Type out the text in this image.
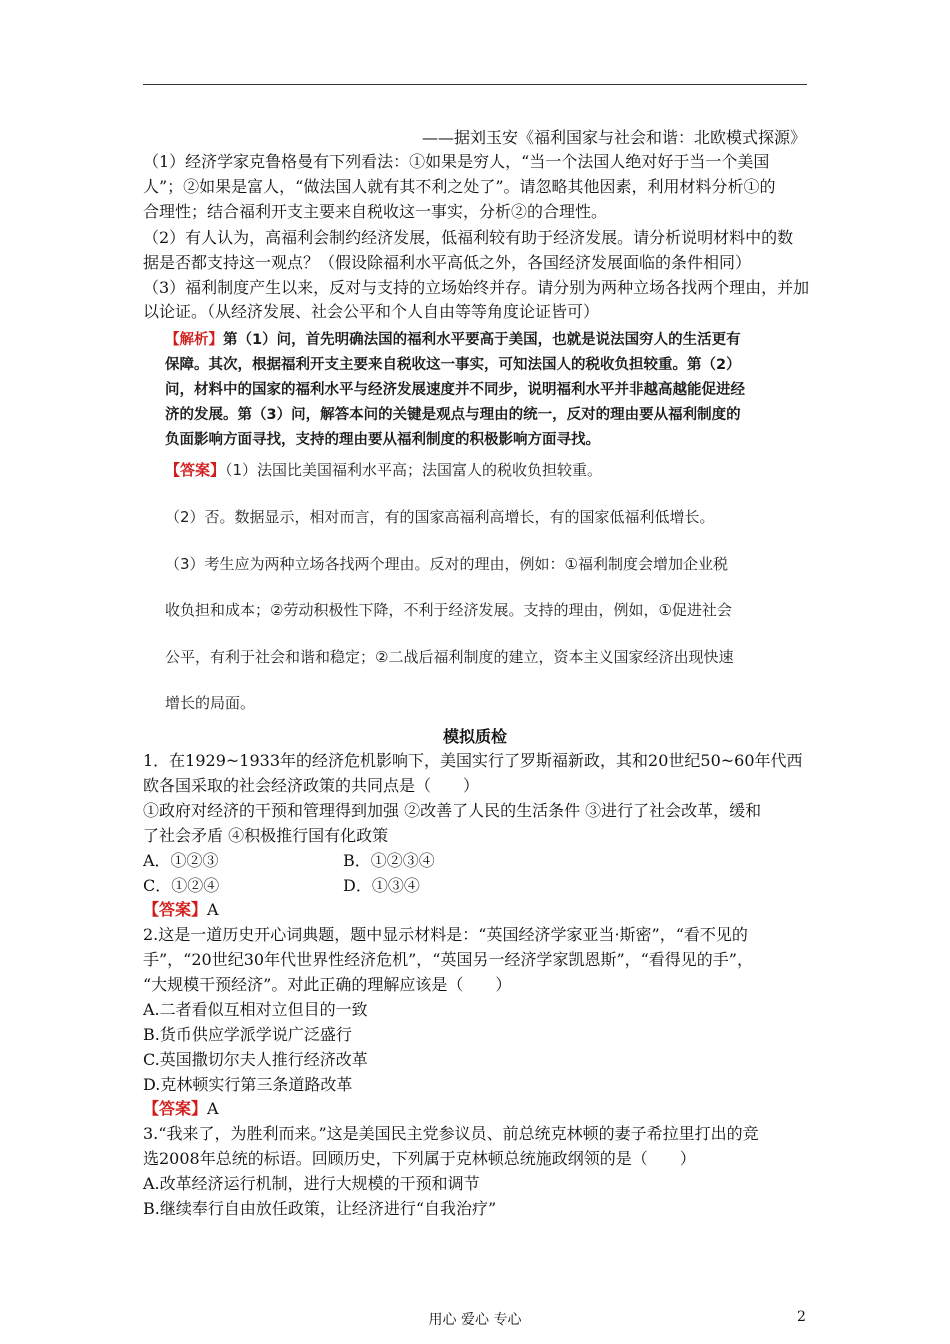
——据刘玉安《福利国家与社会和谐：北欧模式探源》
（1）经济学家克鲁格曼有下列看法：①如果是穷人，“当一个法国人绝对好于当一个美国
人”；②如果是富人，“做法国人就有其不利之处了”。请忽略其他因素，利用材料分析①的
合理性；结合福利开支主要来自税收这一事实，分析②的合理性。
（2）有人认为，高福利会制约经济发展，低福利较有助于经济发展。请分析说明材料中的数
据是否都支持这一观点？（假设除福利水平高低之外，各国经济发展面临的条件相同）
（3）福利制度产生以来，反对与支持的立场始终并存。请分别为两种立场各找两个理由，并加
以论证。（从经济发展、社会公平和个人自由等等角度论证皆可）
【解析】第（1）问，首先明确法国的福利水平要高于美国，也就是说法国穷人的生活更有
保障。其次，根据福利开支主要来自税收这一事实，可知法国人的税收负担较重。第（2）
问，材料中的国家的福利水平与经济发展速度并不同步，说明福利水平并非越高越能促进经
济的发展。第（3）问，解答本问的关键是观点与理由的统一，反对的理由要从福利制度的
负面影响方面寻找，支持的理由要从福利制度的积极影响方面寻找。
【答案】（1）法国比美国福利水平高；法国富人的税收负担较重。
（2）否。数据显示，相对而言，有的国家高福利高增长，有的国家低福利低增长。
（3）考生应为两种立场各找两个理由。反对的理由，例如：①福利制度会增加企业税
收负担和成本；②劳动积极性下降，不利于经济发展。支持的理由，例如，①促进社会
公平，有利于社会和谐和稳定；②二战后福利制度的建立，资本主义国家经济出现快速
增长的局面。
模拟质检
1．在1929~1933年的经济危机影响下，美国实行了罗斯福新政，其和20世纪50~60年代西
欧各国采取的社会经济政策的共同点是（　　）
①政府对经济的干预和管理得到加强 ②改善了人民的生活条件 ③进行了社会改革，缓和
了社会矛盾 ④积极推行国有化政策
A．①②③	B．①②③④
C．①②④	D．①③④
【答案】A
2.这是一道历史开心词典题，题中显示材料是：“英国经济学家亚当·斯密”，“看不见的
手”，“20世纪30年代世界性经济危机”，“英国另一经济学家凯恩斯”，“看得见的手”，
“大规模干预经济”。对此正确的理解应该是（　　）
A.二者看似互相对立但目的一致
B.货币供应学派学说广泛盛行
C.英国撒切尔夫人推行经济改革
D.克林顿实行第三条道路改革
【答案】A
3.“我来了，为胜利而来。”这是美国民主党参议员、前总统克林顿的妻子希拉里打出的竞
选2008年总统的标语。回顾历史，下列属于克林顿总统施政纲领的是（　　）
A.改革经济运行机制，进行大规模的干预和调节
B.继续奉行自由放任政策，让经济进行“自我治疗”
用心 爱心 专心	2
